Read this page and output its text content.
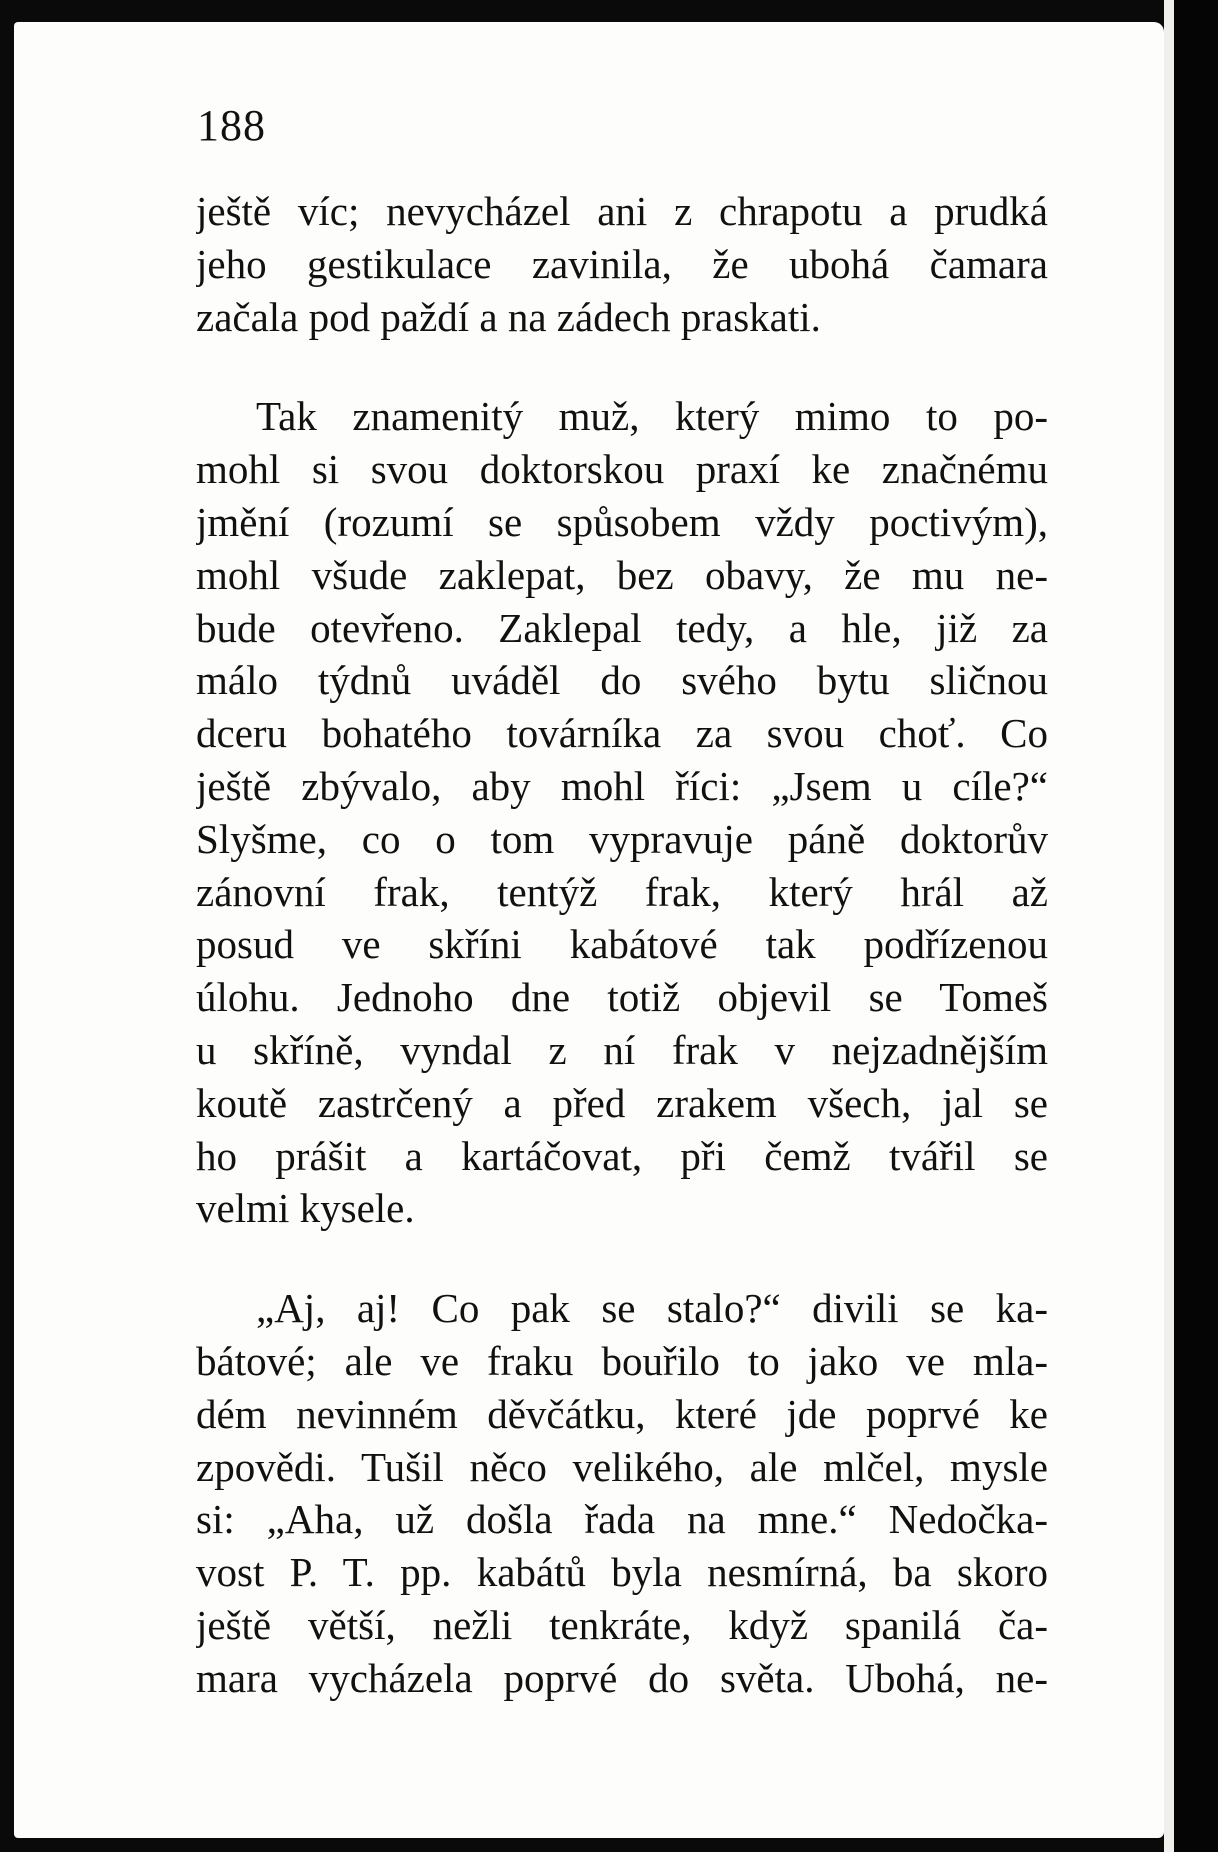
188
ještě víc; nevycházel ani z chrapotu a prudká
jeho gestikulace zavinila, že ubohá čamara
začala pod paždí a na zádech praskati.
Tak znamenitý muž, který mimo to po-
mohl si svou doktorskou praxí ke značnému
jmění (rozumí se spůsobem vždy poctivým),
mohl všude zaklepat, bez obavy, že mu ne-
bude otevřeno. Zaklepal tedy, a hle, již za
málo týdnů uváděl do svého bytu sličnou
dceru bohatého továrníka za svou choť. Co
ještě zbývalo, aby mohl říci: „Jsem u cíle?“
Slyšme, co o tom vypravuje páně doktorův
zánovní frak, tentýž frak, který hrál až
posud ve skříni kabátové tak podřízenou
úlohu. Jednoho dne totiž objevil se Tomeš
u skříně, vyndal z ní frak v nejzadnějším
koutě zastrčený a před zrakem všech, jal se
ho prášit a kartáčovat, při čemž tvářil se
velmi kysele.
„Aj, aj! Co pak se stalo?“ divili se ka-
bátové; ale ve fraku bouřilo to jako ve mla-
dém nevinném děvčátku, které jde poprvé ke
zpovědi. Tušil něco velikého, ale mlčel, mysle
si: „Aha, už došla řada na mne.“ Nedočka-
vost P. T. pp. kabátů byla nesmírná, ba skoro
ještě větší, nežli tenkráte, když spanilá ča-
mara vycházela poprvé do světa. Ubohá, ne-
